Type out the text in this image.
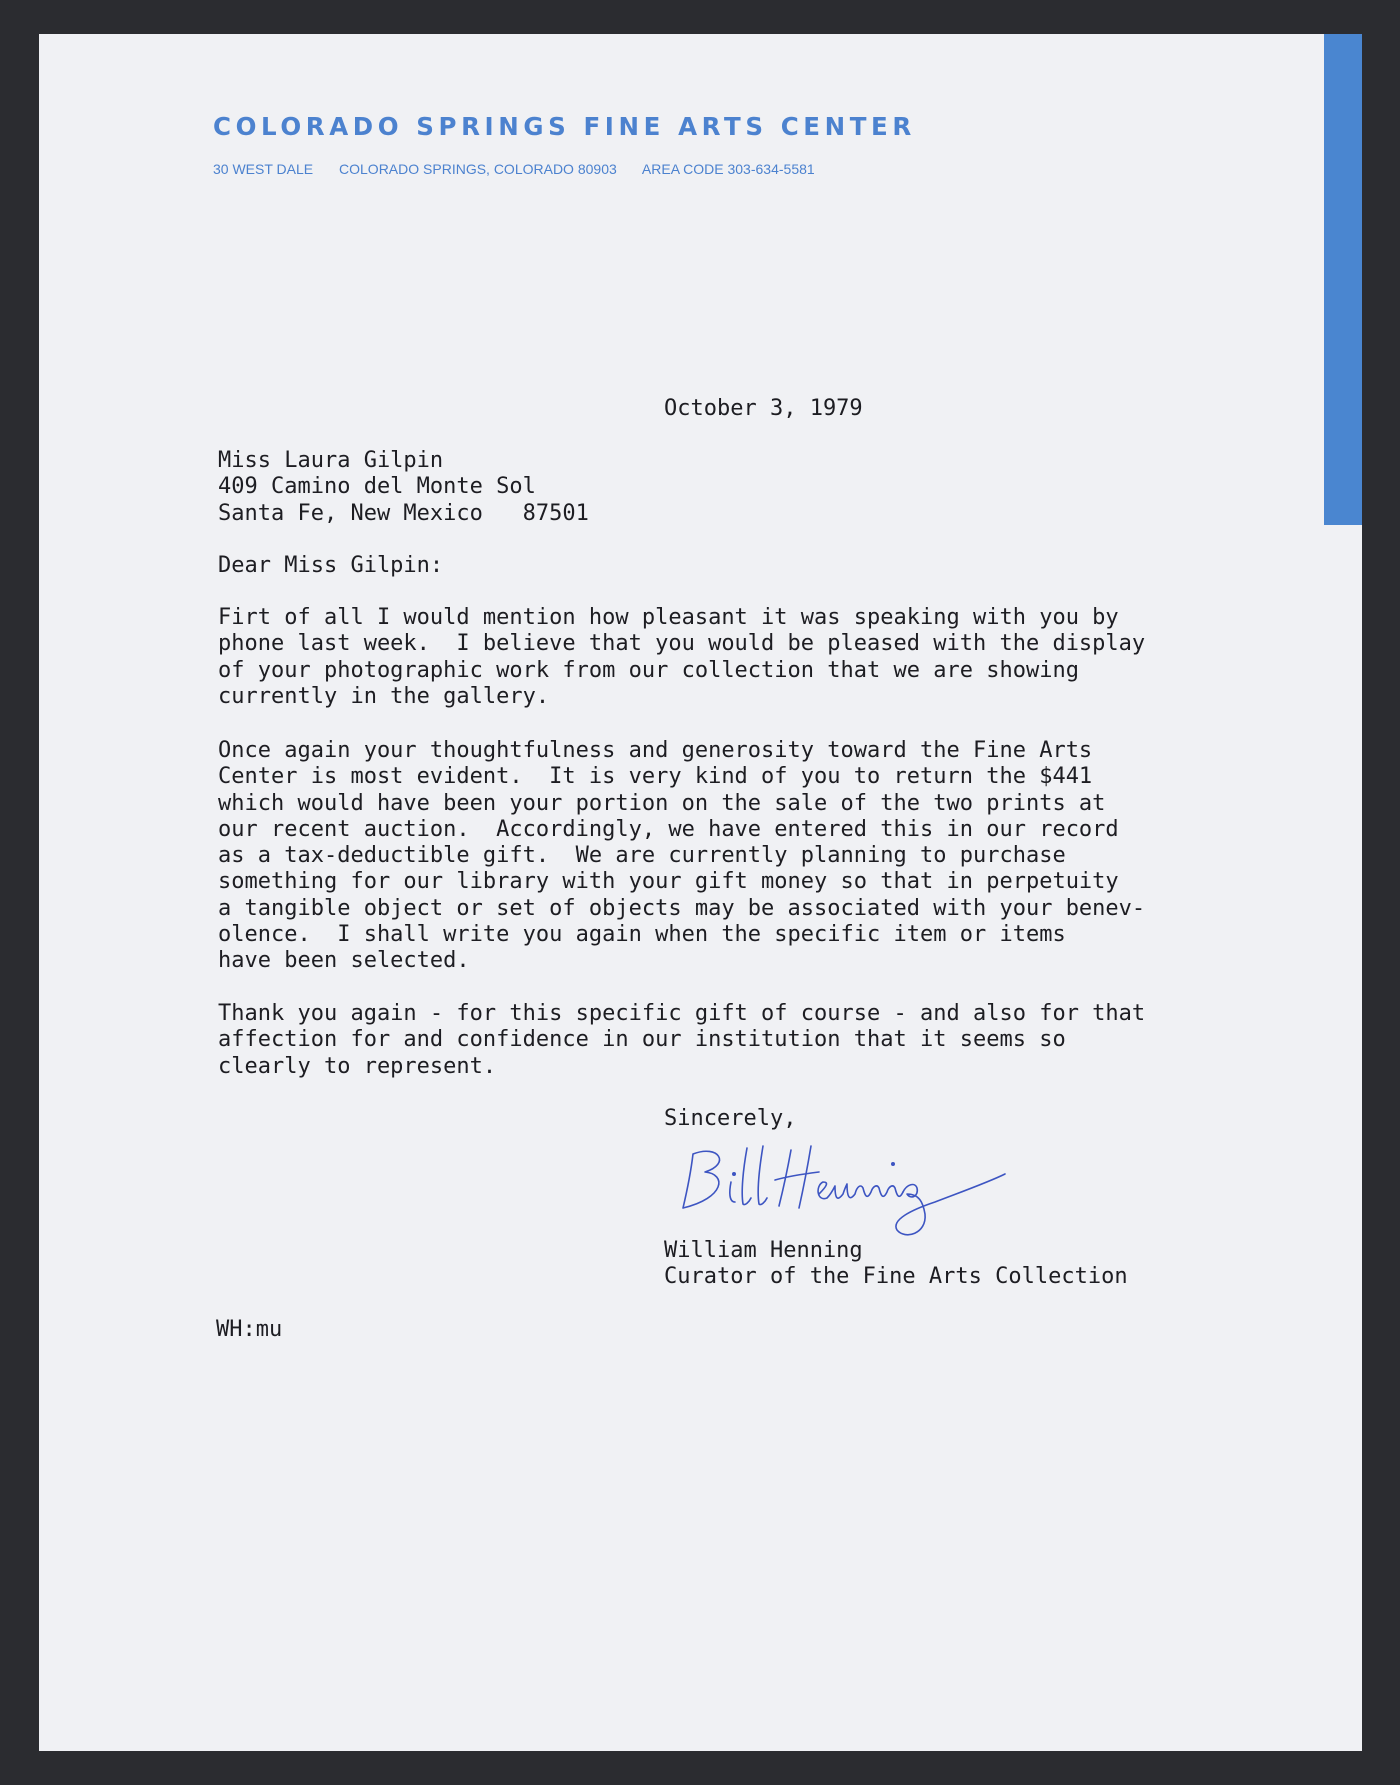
COLORADO SPRINGS FINE ARTS CENTER
30 WEST DALE COLORADO SPRINGS, COLORADO 80903 AREA CODE 303-634-5581
October 3, 1979
Miss Laura Gilpin
409 Camino del Monte Sol
Santa Fe, New Mexico   87501
Dear Miss Gilpin:
Firt of all I would mention how pleasant it was speaking with you by
phone last week.  I believe that you would be pleased with the display
of your photographic work from our collection that we are showing
currently in the gallery.
Once again your thoughtfulness and generosity toward the Fine Arts
Center is most evident.  It is very kind of you to return the $441
which would have been your portion on the sale of the two prints at
our recent auction.  Accordingly, we have entered this in our record
as a tax-deductible gift.  We are currently planning to purchase
something for our library with your gift money so that in perpetuity
a tangible object or set of objects may be associated with your benev-
olence.  I shall write you again when the specific item or items
have been selected.
Thank you again - for this specific gift of course - and also for that
affection for and confidence in our institution that it seems so
clearly to represent.
Sincerely,
William Henning
Curator of the Fine Arts Collection
WH:mu
